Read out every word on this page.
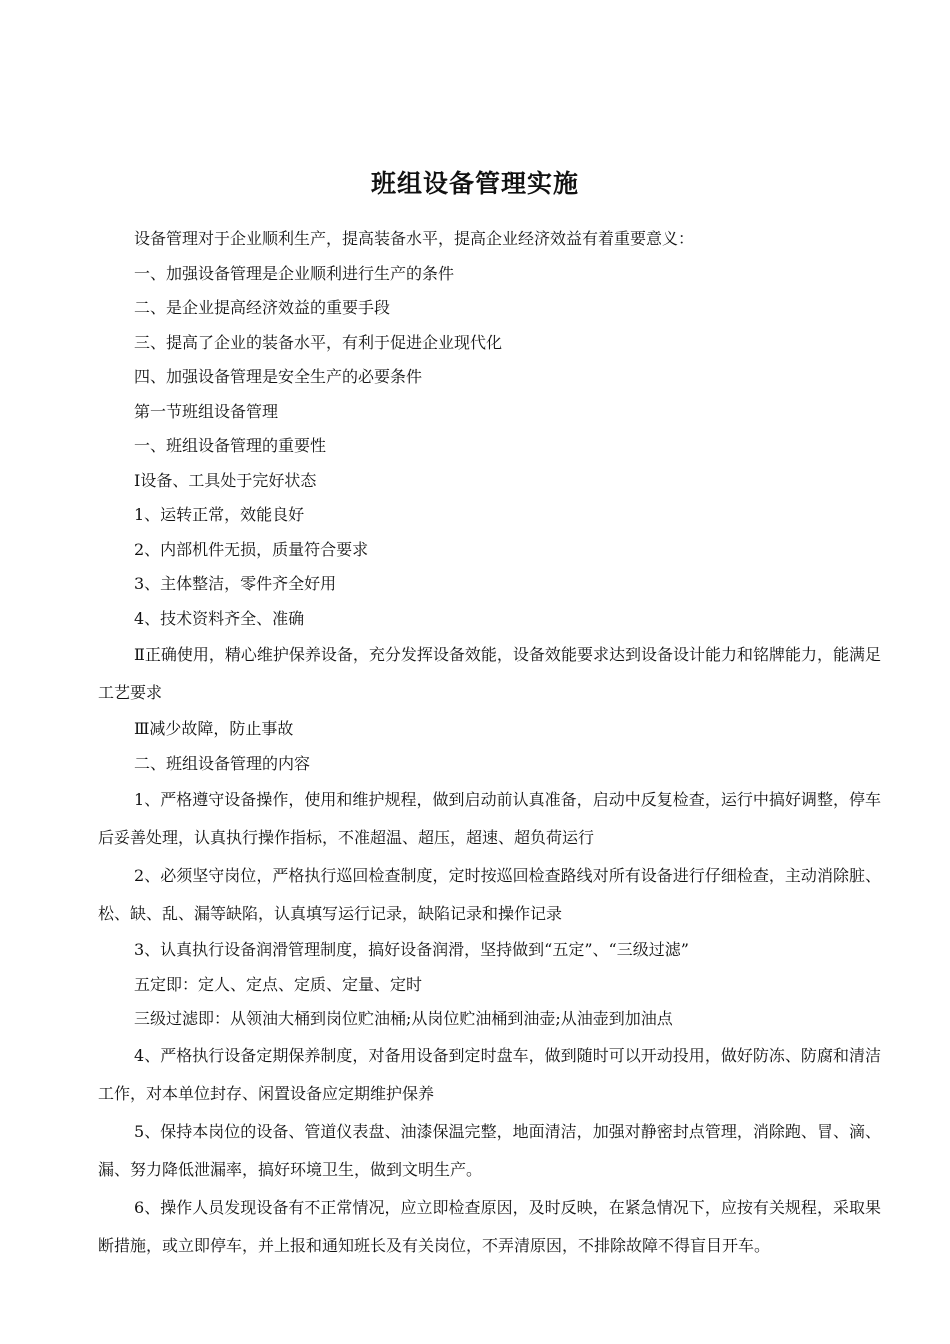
班组设备管理实施

设备管理对于企业顺利生产，提高装备水平，提高企业经济效益有着重要意义：

一、加强设备管理是企业顺利进行生产的条件

二、是企业提高经济效益的重要手段

三、提高了企业的装备水平，有利于促进企业现代化

四、加强设备管理是安全生产的必要条件

第一节班组设备管理

一、班组设备管理的重要性

Ⅰ设备、工具处于完好状态

1、运转正常，效能良好

2、内部机件无损，质量符合要求

3、主体整洁，零件齐全好用

4、技术资料齐全、准确

Ⅱ正确使用，精心维护保养设备，充分发挥设备效能，设备效能要求达到设备设计能力和铭牌能力，能满足工艺要求

Ⅲ减少故障，防止事故

二、班组设备管理的内容

1、严格遵守设备操作，使用和维护规程，做到启动前认真准备，启动中反复检查，运行中搞好调整，停车后妥善处理，认真执行操作指标，不准超温、超压，超速、超负荷运行

2、必须坚守岗位，严格执行巡回检查制度，定时按巡回检查路线对所有设备进行仔细检查，主动消除脏、松、缺、乱、漏等缺陷，认真填写运行记录，缺陷记录和操作记录

3、认真执行设备润滑管理制度，搞好设备润滑，坚持做到“五定”、“三级过滤”

五定即：定人、定点、定质、定量、定时

三级过滤即：从领油大桶到岗位贮油桶;从岗位贮油桶到油壶;从油壶到加油点

4、严格执行设备定期保养制度，对备用设备到定时盘车，做到随时可以开动投用，做好防冻、防腐和清洁工作，对本单位封存、闲置设备应定期维护保养

5、保持本岗位的设备、管道仪表盘、油漆保温完整，地面清洁，加强对静密封点管理，消除跑、冒、滴、漏、努力降低泄漏率，搞好环境卫生，做到文明生产。

6、操作人员发现设备有不正常情况，应立即检查原因，及时反映，在紧急情况下，应按有关规程，采取果断措施，或立即停车，并上报和通知班长及有关岗位，不弄清原因，不排除故障不得盲目开车。
